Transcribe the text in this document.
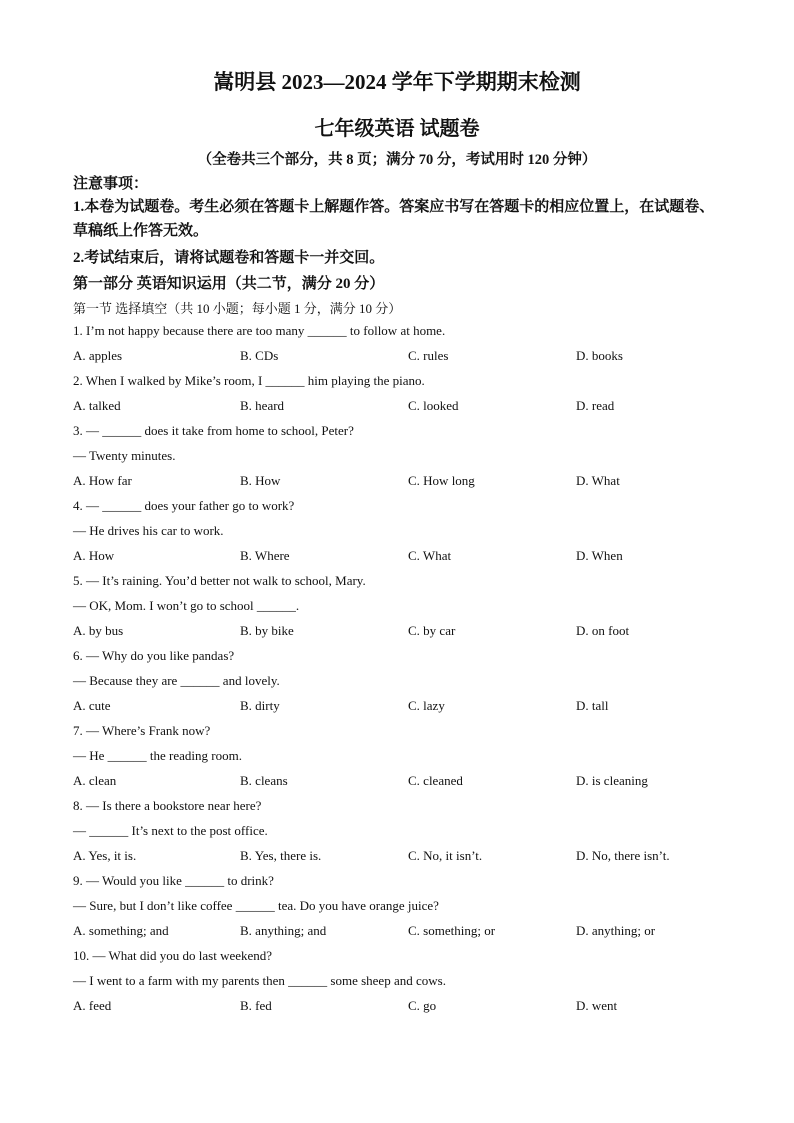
嵩明县 2023—2024 学年下学期期末检测
七年级英语 试题卷
（全卷共三个部分，共 8 页；满分 70 分，考试用时 120 分钟）
注意事项：
1.本卷为试题卷。考生必须在答题卡上解题作答。答案应书写在答题卡的相应位置上，在试题卷、草稿纸上作答无效。
2.考试结束后，请将试题卷和答题卡一并交回。
第一部分 英语知识运用（共二节，满分 20 分）
第一节 选择填空（共 10 小题；每小题 1 分，满分 10 分）
1. I’m not happy because there are too many ______ to follow at home.
A. apples	B. CDs	C. rules	D. books
2. When I walked by Mike’s room, I ______ him playing the piano.
A. talked	B. heard	C. looked	D. read
3. — ______ does it take from home to school, Peter?
— Twenty minutes.
A. How far	B. How	C. How long	D. What
4. — ______ does your father go to work?
— He drives his car to work.
A. How	B. Where	C. What	D. When
5. — It’s raining. You’d better not walk to school, Mary.
— OK, Mom. I won’t go to school ______.
A. by bus	B. by bike	C. by car	D. on foot
6. — Why do you like pandas?
— Because they are ______ and lovely.
A. cute	B. dirty	C. lazy	D. tall
7. — Where’s Frank now?
— He ______ the reading room.
A. clean	B. cleans	C. cleaned	D. is cleaning
8. — Is there a bookstore near here?
— ______ It’s next to the post office.
A. Yes, it is.	B. Yes, there is.	C. No, it isn’t.	D. No, there isn’t.
9. — Would you like ______ to drink?
— Sure, but I don’t like coffee ______ tea. Do you have orange juice?
A. something; and	B. anything; and	C. something; or	D. anything; or
10. — What did you do last weekend?
— I went to a farm with my parents then ______ some sheep and cows.
A. feed	B. fed	C. go	D. went
